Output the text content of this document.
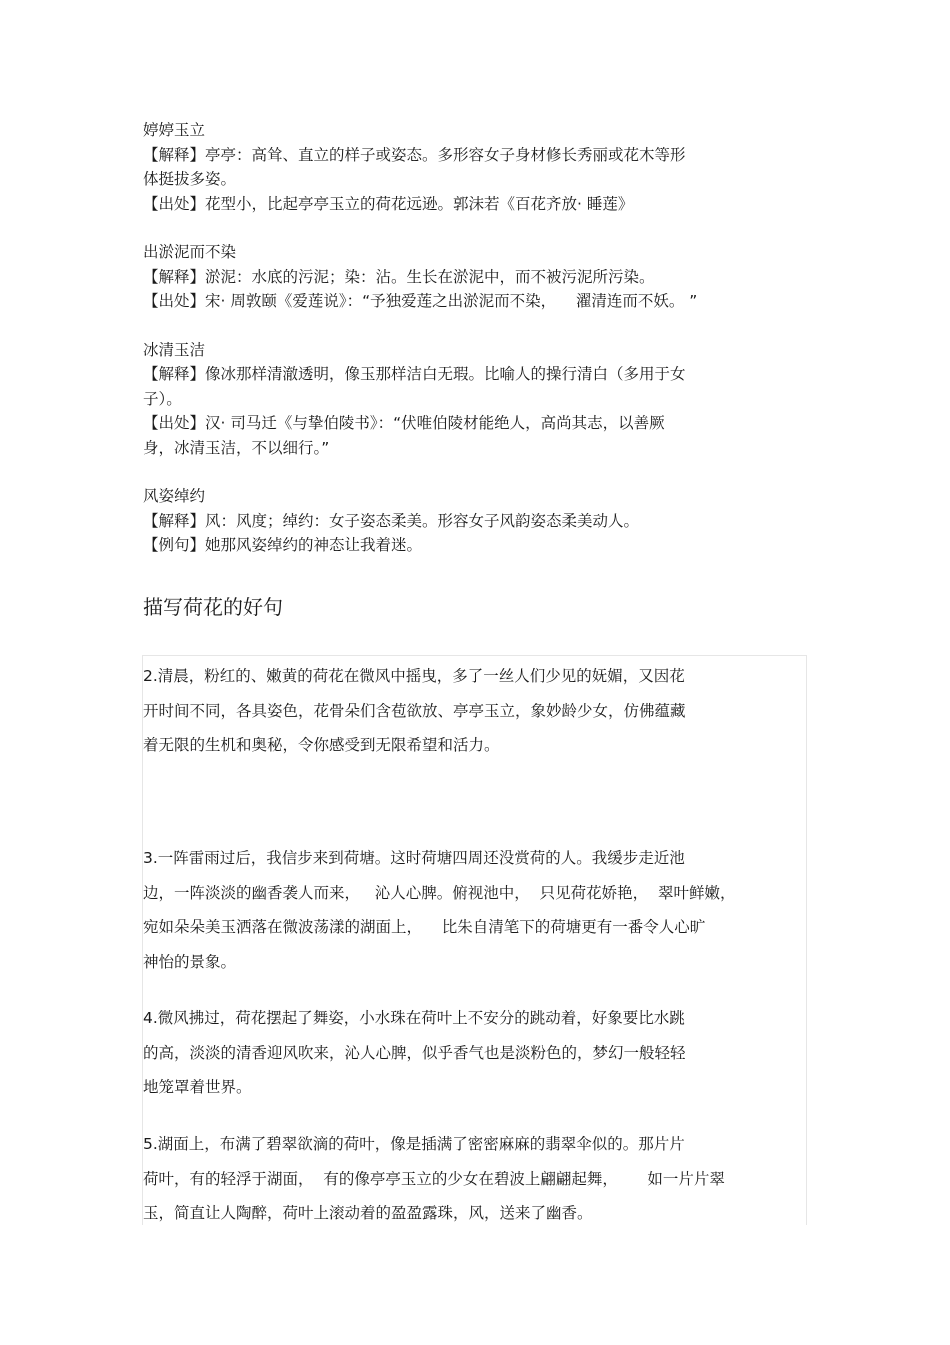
婷婷玉立
【解释】亭亭：高耸、直立的样子或姿态。多形容女子身材修长秀丽或花木等形
体挺拔多姿。
【出处】花型小，比起亭亭玉立的荷花远逊。郭沫若《百花齐放· 睡莲》
出淤泥而不染
【解释】淤泥：水底的污泥；染：沾。生长在淤泥中，而不被污泥所污染。
【出处】宋· 周敦颐《爱莲说》：“予独爱莲之出淤泥而不染，    濯清连而不妖。 ”
冰清玉洁
【解释】像冰那样清澈透明，像玉那样洁白无瑕。比喻人的操行清白（多用于女
子）。
【出处】汉· 司马迁《与挚伯陵书》：“伏唯伯陵材能绝人，高尚其志，以善厥
身，冰清玉洁，不以细行。”
风姿绰约
【解释】风：风度；绰约：女子姿态柔美。形容女子风韵姿态柔美动人。
【例句】她那风姿绰约的神态让我着迷。
描写荷花的好句
2.清晨，粉红的、嫩黄的荷花在微风中摇曳，多了一丝人们少见的妩媚，又因花
开时间不同，各具姿色，花骨朵们含苞欲放、亭亭玉立，象妙龄少女，仿佛蕴藏
着无限的生机和奥秘，令你感受到无限希望和活力。
3.一阵雷雨过后，我信步来到荷塘。这时荷塘四周还没赏荷的人。我缓步走近池
边，一阵淡淡的幽香袭人而来，   沁人心脾。俯视池中，  只见荷花娇艳，  翠叶鲜嫩，
宛如朵朵美玉洒落在微波荡漾的湖面上，    比朱自清笔下的荷塘更有一番令人心旷
神怡的景象。
4.微风拂过，荷花摆起了舞姿，小水珠在荷叶上不安分的跳动着，好象要比水跳
的高，淡淡的清香迎风吹来，沁人心脾，似乎香气也是淡粉色的，梦幻一般轻轻
地笼罩着世界。
5.湖面上，布满了碧翠欲滴的荷叶，像是插满了密密麻麻的翡翠伞似的。那片片
荷叶，有的轻浮于湖面，  有的像亭亭玉立的少女在碧波上翩翩起舞，      如一片片翠
玉，简直让人陶醉，荷叶上滚动着的盈盈露珠，风，送来了幽香。
